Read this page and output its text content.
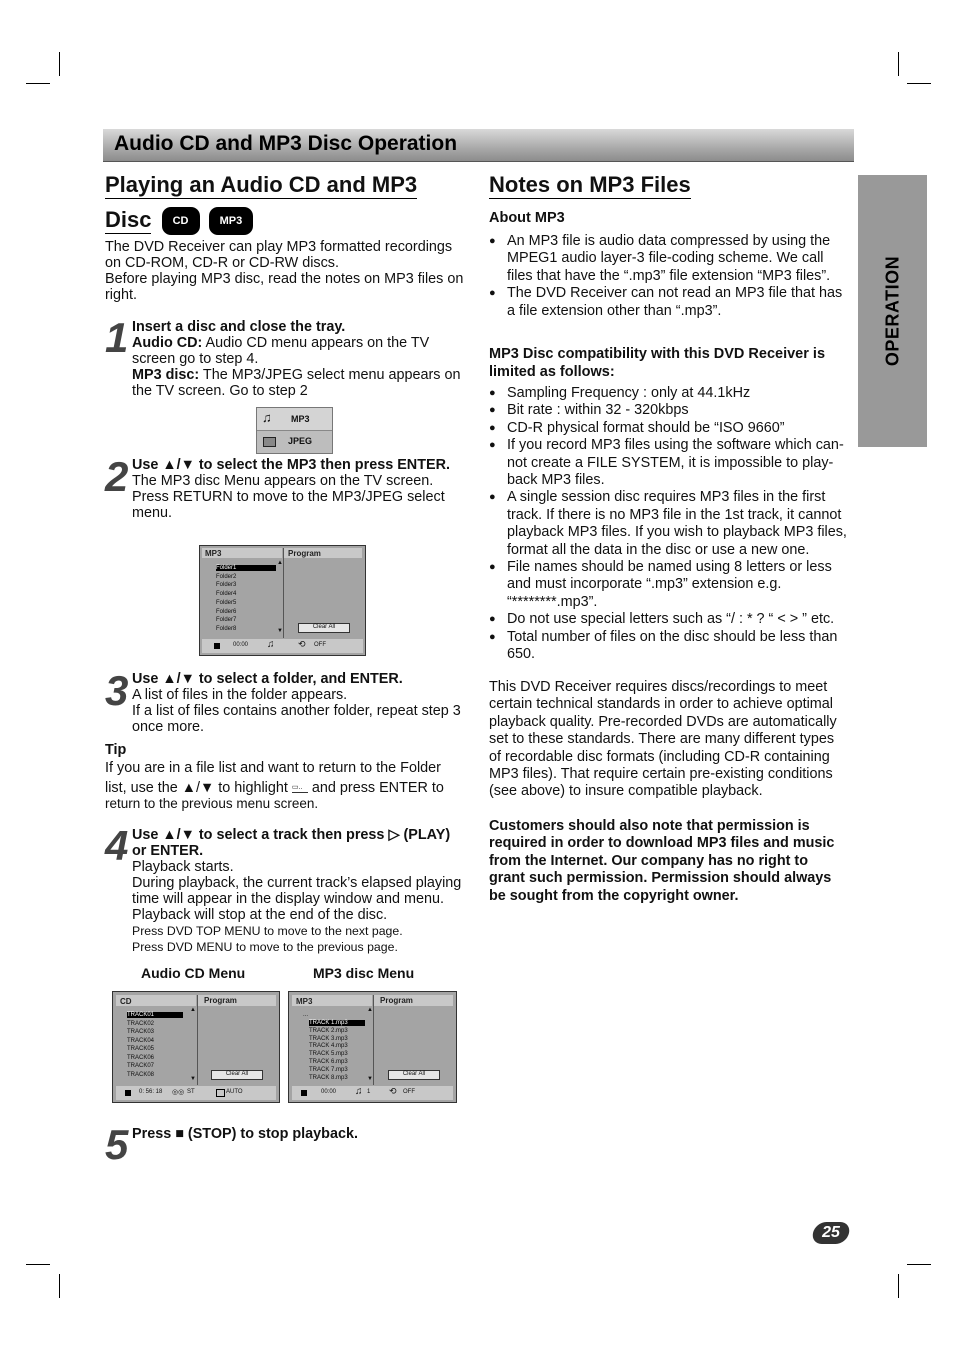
Audio CD and MP3 Disc Operation
OPERATION
Playing an Audio CD and MP3
Disc CD	MP3
The DVD Receiver can play MP3 formatted recordings on CD-ROM, CD-R or CD-RW discs.
Before playing MP3 disc, read the notes on MP3 files on right.
1 Insert a disc and close the tray.
Audio CD: Audio CD menu appears on the TV screen go to step 4.
MP3 disc: The MP3/JPEG select menu appears on the TV screen. Go to step 2
♫ MP3
JPEG
2 Use ▲/▼ to select the MP3 then press ENTER.
The MP3 disc Menu appears on the TV screen. Press RETURN to move to the MP3/JPEG select menu.
MP3	Program
Folder1
Folder2
Folder3
Folder4
Folder5
Folder6
Folder7
Folder8
▲
▼
Clear All
00:00 ♫	⟲ OFF
3 Use ▲/▼ to select a folder, and ENTER.
A list of files in the folder appears.
If a list of files contains another folder, repeat step 3 once more.
Tip
If you are in a file list and want to return to the Folder
list, use the ▲/▼ to highlight ▭.. and press ENTER to
return to the previous menu screen.
4 Use ▲/▼ to select a track then press ▷ (PLAY)
or ENTER.
Playback starts.
During playback, the current track’s elapsed playing time will appear in the display window and menu. Playback will stop at the end of the disc.
Press DVD TOP MENU to move to the next page.
Press DVD MENU to move to the previous page.
Audio CD Menu	MP3 disc Menu
CD	Program
TRACK01
TRACK02
TRACK03
TRACK04
TRACK05
TRACK06
TRACK07
TRACK08
▲
▼
Clear All
0: 56: 18 ◎◎ ST	AUTO
MP3	Program
...
TRACK 1.mp3
TRACK 2.mp3
TRACK 3.mp3
TRACK 4.mp3
TRACK 5.mp3
TRACK 6.mp3
TRACK 7.mp3
TRACK 8.mp3
▲
▼
Clear All
00:00 ♫ 1 ⟲ OFF
5 Press ■ (STOP) to stop playback.
Notes on MP3 Files
About MP3
● An MP3 file is audio data compressed by using the MPEG1 audio layer-3 file-coding scheme. We call files that have the “.mp3” file extension “MP3 files”.
● The DVD Receiver can not read an MP3 file that has a file extension other than “.mp3”.
MP3 Disc compatibility with this DVD Receiver is limited as follows:
● Sampling Frequency : only at 44.1kHz
● Bit rate : within 32 - 320kbps
● CD-R physical format should be “ISO 9660”
● If you record MP3 files using the software which can-not create a FILE SYSTEM, it is impossible to play-back MP3 files.
● A single session disc requires MP3 files in the first track. If there is no MP3 file in the 1st track, it cannot playback MP3 files. If you wish to playback MP3 files, format all the data in the disc or use a new one.
● File names should be named using 8 letters or less and must incorporate “.mp3” extension e.g. “********.mp3”.
● Do not use special letters such as “/ : * ? “ < > ” etc.
● Total number of files on the disc should be less than 650.
This DVD Receiver requires discs/recordings to meet certain technical standards in order to achieve optimal playback quality. Pre-recorded DVDs are automatically set to these standards. There are many different types of recordable disc formats (including CD-R containing MP3 files). That require certain pre-existing conditions (see above) to insure compatible playback.
Customers should also note that permission is required in order to download MP3 files and music from the Internet. Our company has no right to grant such permission. Permission should always be sought from the copyright owner.
25
